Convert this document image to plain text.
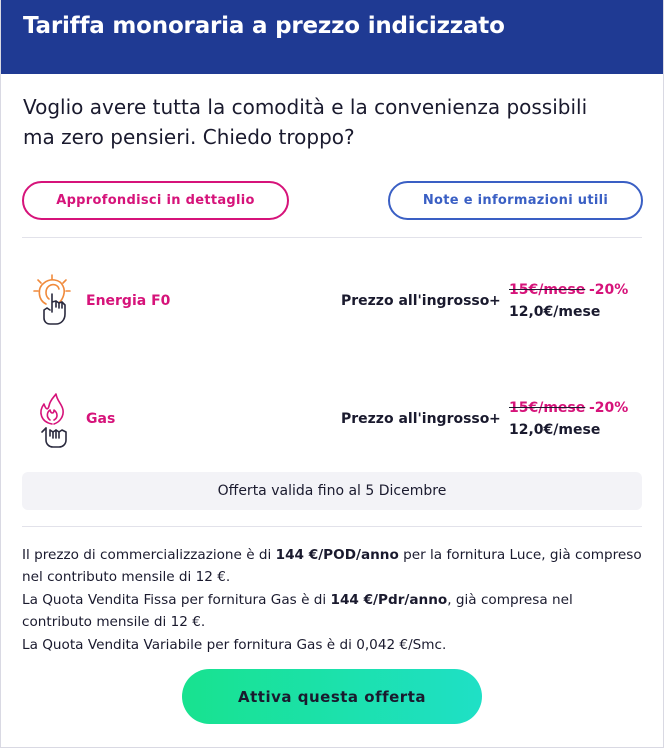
Tariffa monoraria a prezzo indicizzato

Voglio avere tutta la comodità e la convenienza possibili ma zero pensieri. Chiedo troppo?

Approfondisci in dettaglio	Note e informazioni utili
Energia F0	Prezzo all'ingrosso +
15€/mese -20%
12,0€/mese
Gas	Prezzo all'ingrosso +
15€/mese -20%
12,0€/mese
Offerta valida fino al 5 Dicembre
Il prezzo di commercializzazione è di 144 €/POD/anno per la fornitura Luce, già compreso nel contributo mensile di 12 €.
La Quota Vendita Fissa per fornitura Gas è di 144 €/Pdr/anno, già compresa nel contributo mensile di 12 €.
La Quota Vendita Variabile per fornitura Gas è di 0,042 €/Smc.
Attiva questa offerta
